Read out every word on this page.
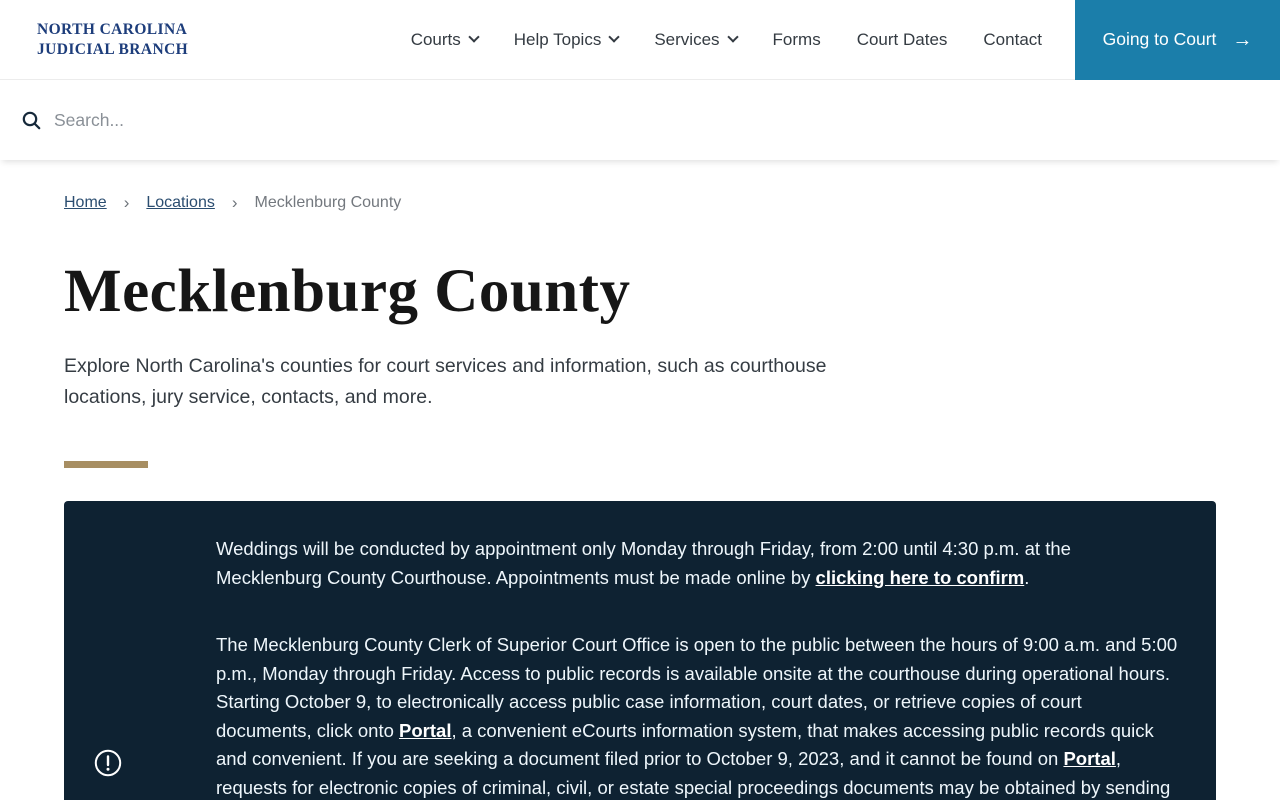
NORTH CAROLINA
JUDICIAL BRANCH
Courts	Help Topics	Services	Forms Court Dates Contact	Going to Court →
Search...
Home › Locations › Mecklenburg County
Mecklenburg County

Explore North Carolina's counties for court services and information, such as courthouse locations, jury service, contacts, and more.

Weddings will be conducted by appointment only Monday through Friday, from 2:00 until 4:30 p.m. at the Mecklenburg County Courthouse. Appointments must be made online by clicking here to confirm.

The Mecklenburg County Clerk of Superior Court Office is open to the public between the hours of 9:00 a.m. and 5:00 p.m., Monday through Friday. Access to public records is available onsite at the courthouse during operational hours. Starting October 9, to electronically access public case information, court dates, or retrieve copies of court documents, click onto Portal, a convenient eCourts information system, that makes accessing public records quick and convenient. If you are seeking a document filed prior to October 9, 2023, and it cannot be found on Portal, requests for electronic copies of criminal, civil, or estate special proceedings documents may be obtained by sending
